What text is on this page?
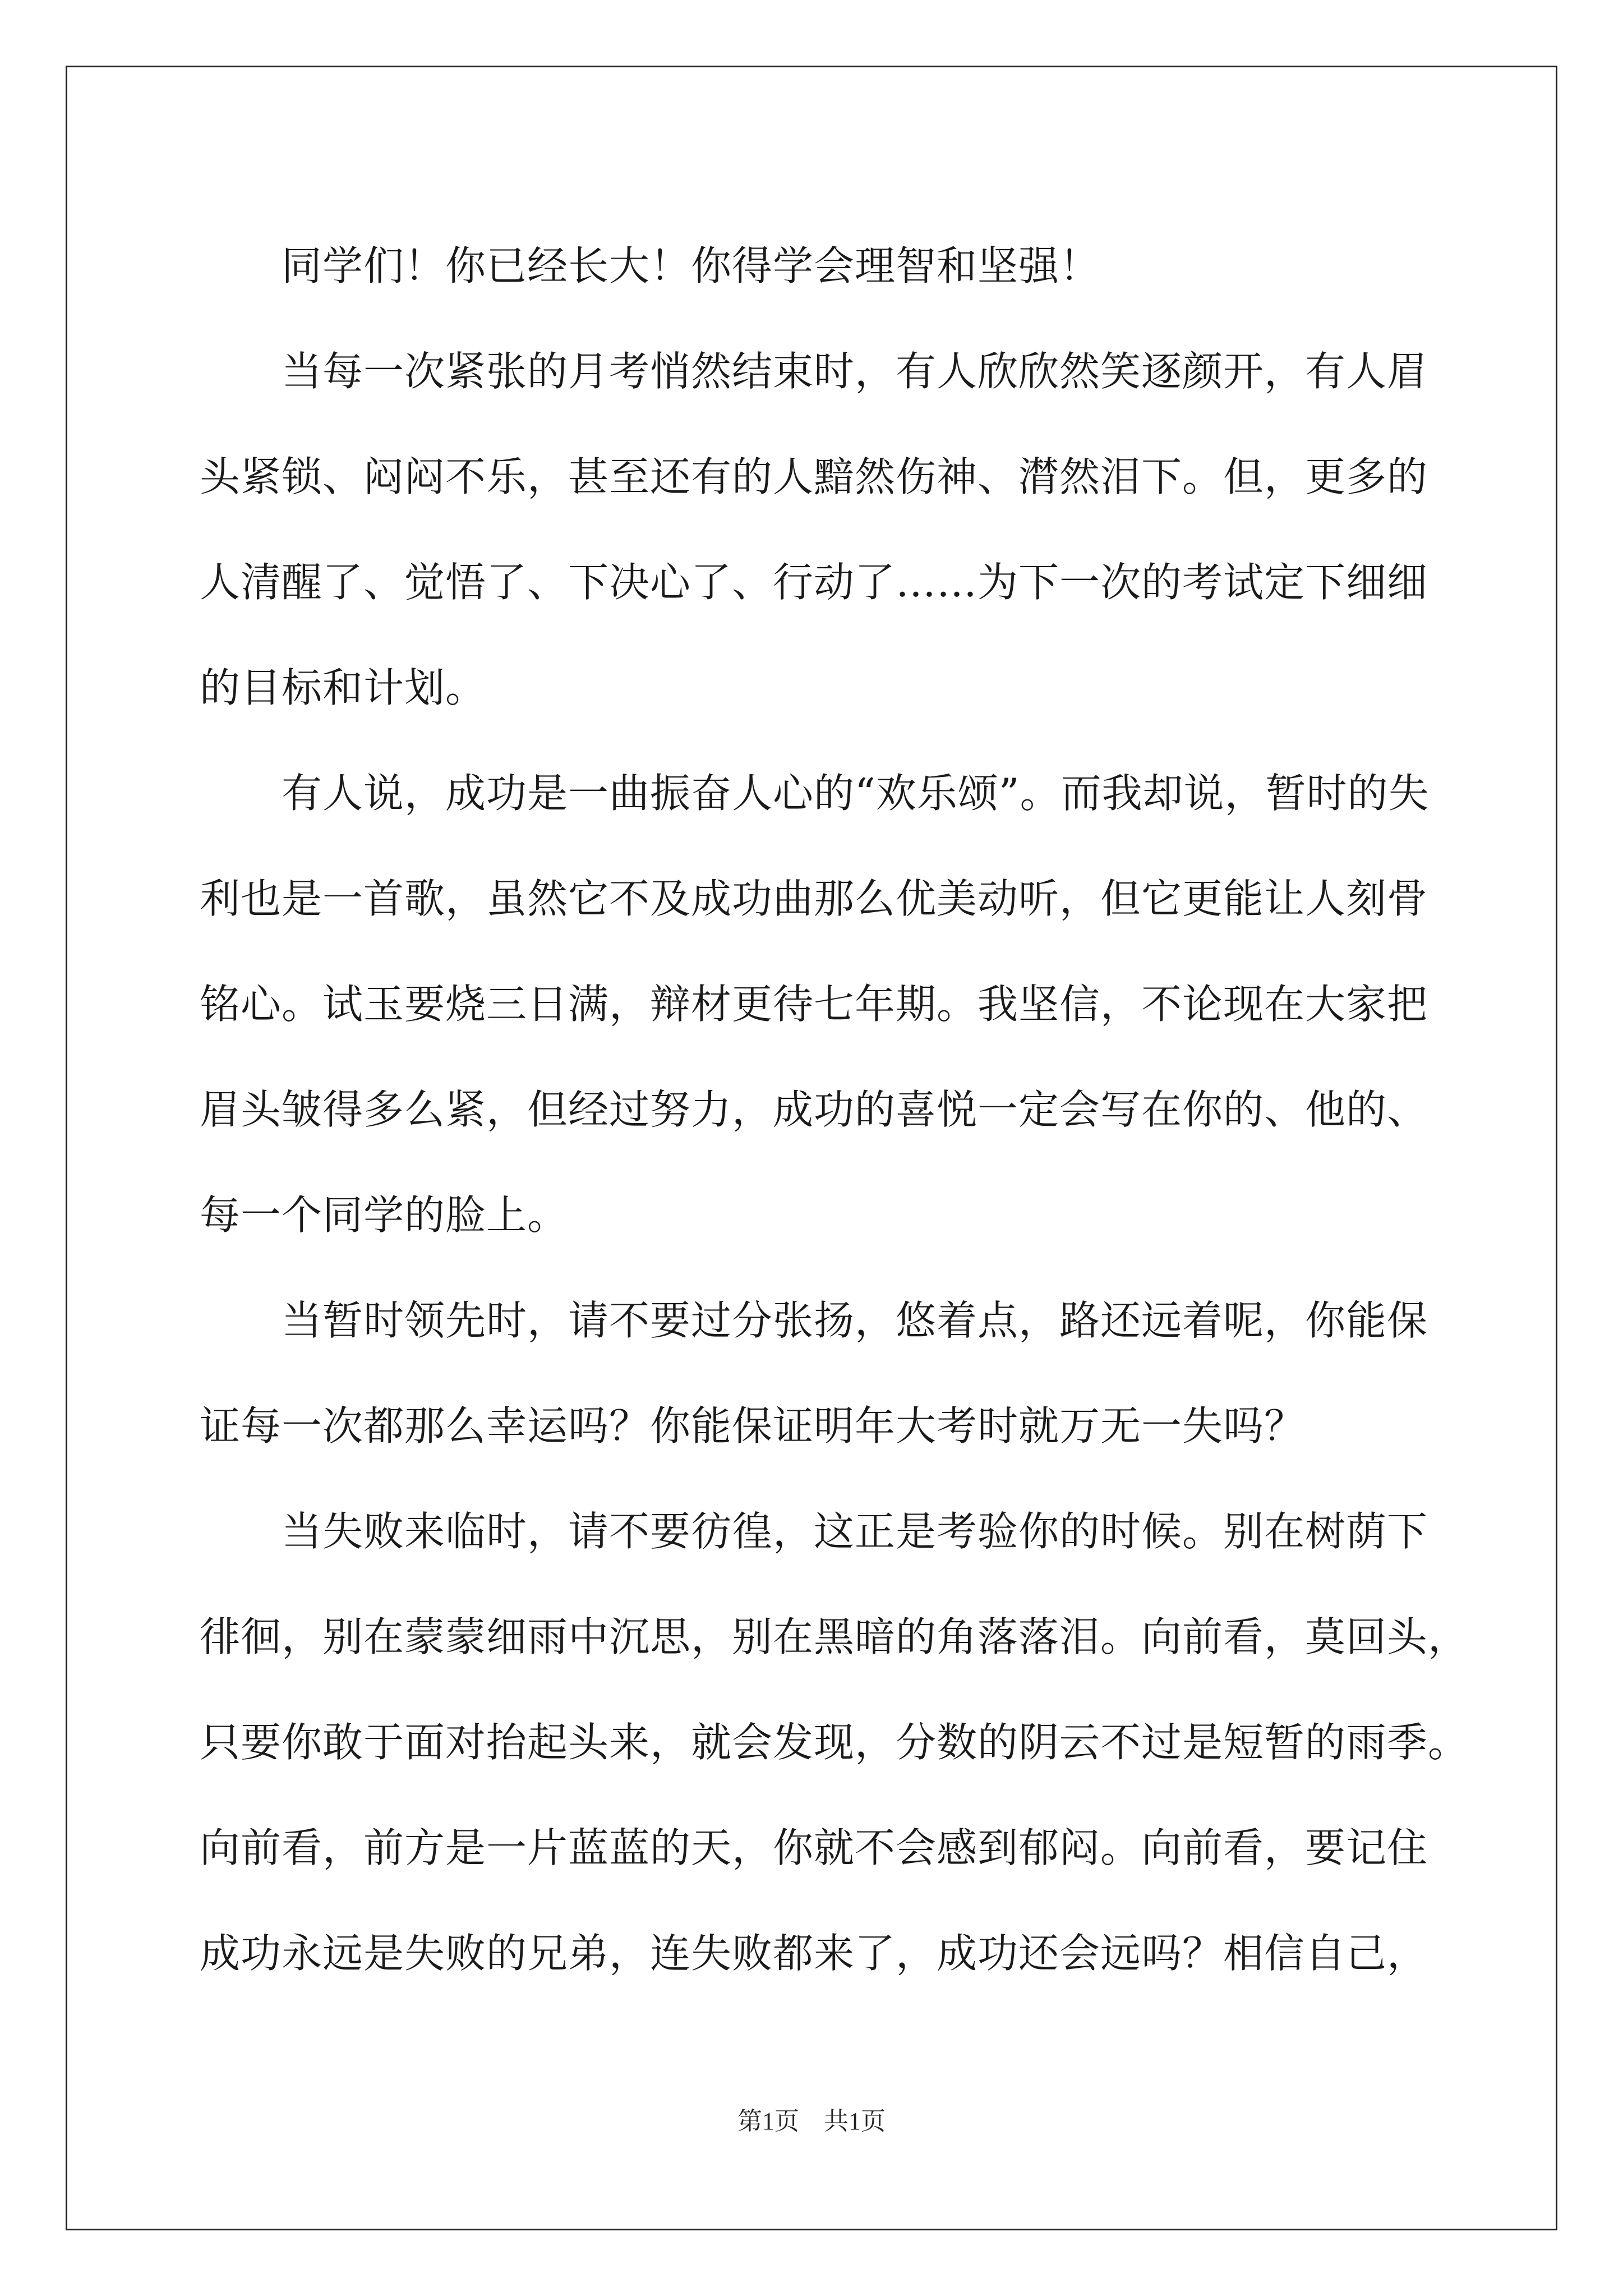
同学们！你已经长大！你得学会理智和坚强！
当每一次紧张的月考悄然结束时，有人欣欣然笑逐颜开，有人眉
头紧锁、闷闷不乐，甚至还有的人黯然伤神、潸然泪下。但，更多的
人清醒了、觉悟了、下决心了、行动了……为下一次的考试定下细细
的目标和计划。
有人说，成功是一曲振奋人心的“欢乐颂”。而我却说，暂时的失
利也是一首歌，虽然它不及成功曲那么优美动听，但它更能让人刻骨
铭心。试玉要烧三日满，辩材更待七年期。我坚信，不论现在大家把
眉头皱得多么紧，但经过努力，成功的喜悦一定会写在你的、他的、
每一个同学的脸上。
当暂时领先时，请不要过分张扬，悠着点，路还远着呢，你能保
证每一次都那么幸运吗？你能保证明年大考时就万无一失吗？
当失败来临时，请不要彷徨，这正是考验你的时候。别在树荫下
徘徊，别在蒙蒙细雨中沉思，别在黑暗的角落落泪。向前看，莫回头，
只要你敢于面对抬起头来，就会发现，分数的阴云不过是短暂的雨季。
向前看，前方是一片蓝蓝的天，你就不会感到郁闷。向前看，要记住
成功永远是失败的兄弟，连失败都来了，成功还会远吗？相信自己，
第1页　共1页
